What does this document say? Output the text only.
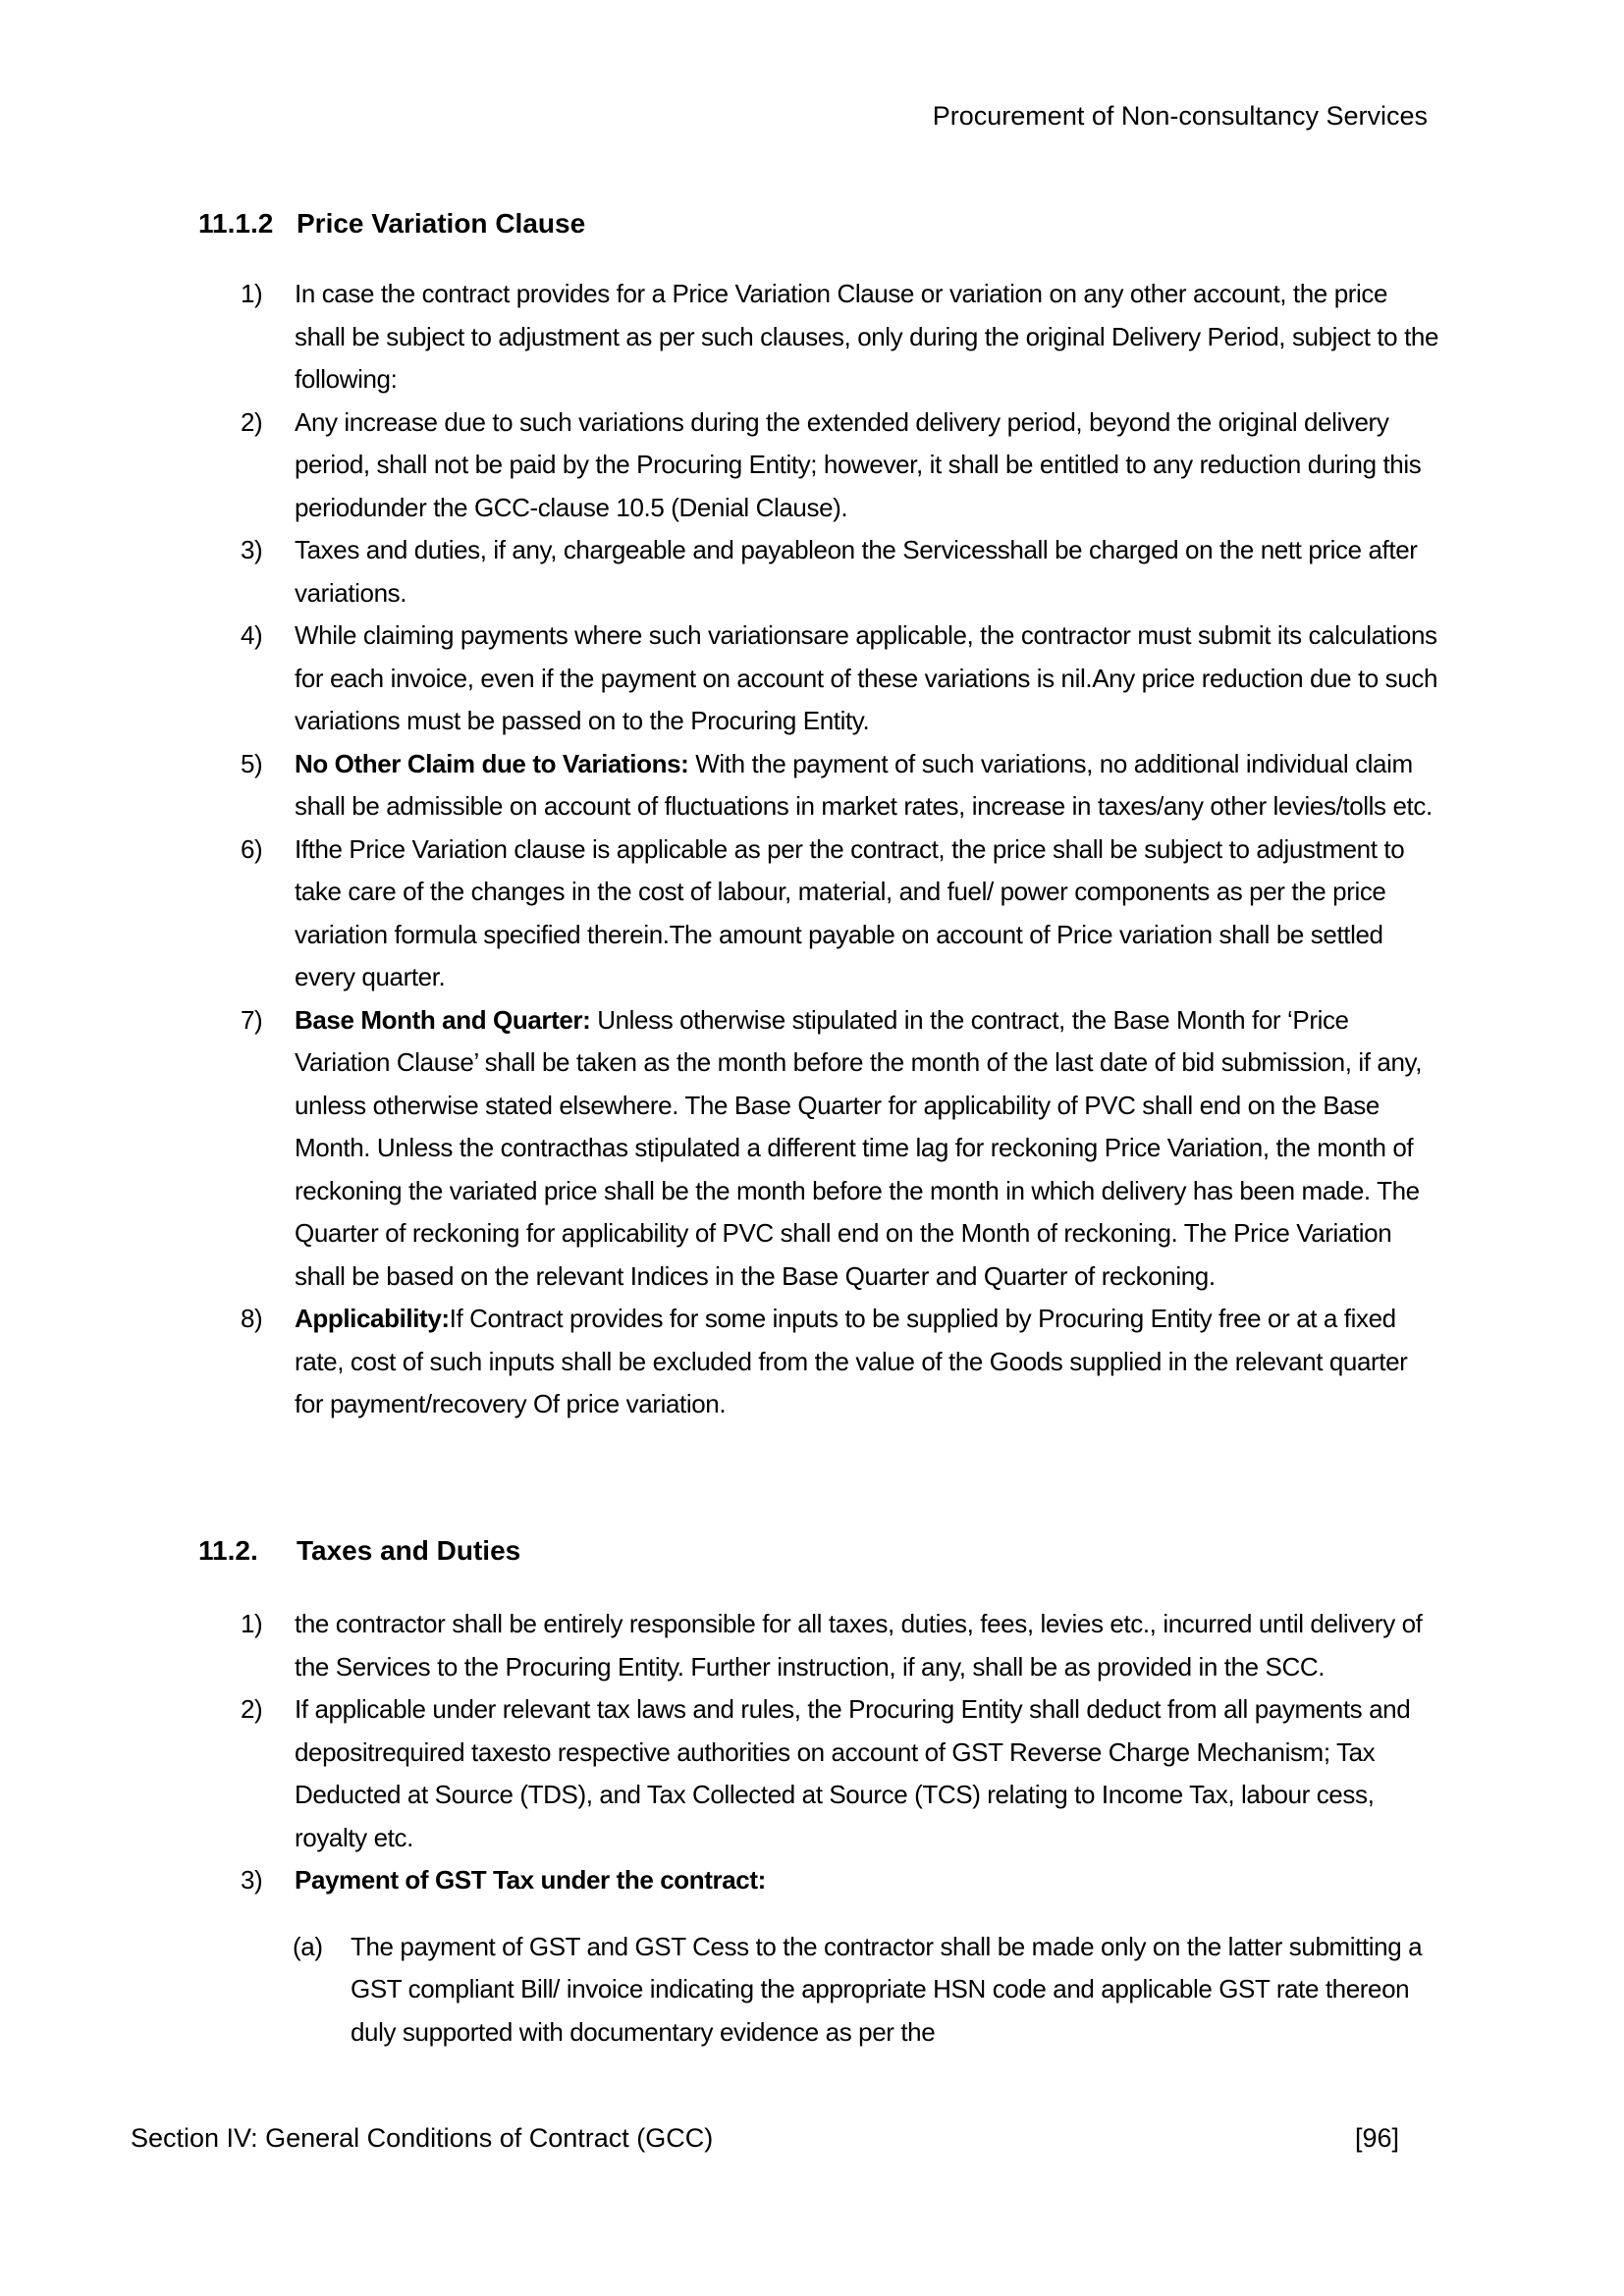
Procurement of Non-consultancy Services
11.1.2 Price Variation Clause
1)	In case the contract provides for a Price Variation Clause or variation on any other account, the price shall be subject to adjustment as per such clauses, only during the original Delivery Period, subject to the following:

2)	Any increase due to such variations during the extended delivery period, beyond the original delivery period, shall not be paid by the Procuring Entity; however, it shall be entitled to any reduction during this periodunder the GCC-clause 10.5 (Denial Clause).

3)	Taxes and duties, if any, chargeable and payableon the Servicesshall be charged on the nett price after variations.

4)	While claiming payments where such variationsare applicable, the contractor must submit its calculations for each invoice, even if the payment on account of these variations is nil.Any price reduction due to such variations must be passed on to the Procuring Entity.

5)	No Other Claim due to Variations: With the payment of such variations, no additional individual claim shall be admissible on account of fluctuations in market rates, increase in taxes/any other levies/tolls etc.

6)	Ifthe Price Variation clause is applicable as per the contract, the price shall be subject to adjustment to take care of the changes in the cost of labour, material, and fuel/ power components as per the price variation formula specified therein.The amount payable on account of Price variation shall be settled every quarter.

7)	Base Month and Quarter: Unless otherwise stipulated in the contract, the Base Month for ‘Price Variation Clause’ shall be taken as the month before the month of the last date of bid submission, if any, unless otherwise stated elsewhere. The Base Quarter for applicability of PVC shall end on the Base Month. Unless the contracthas stipulated a different time lag for reckoning Price Variation, the month of reckoning the variated price shall be the month before the month in which delivery has been made. The Quarter of reckoning for applicability of PVC shall end on the Month of reckoning. The Price Variation shall be based on the relevant Indices in the Base Quarter and Quarter of reckoning.

8)	Applicability:If Contract provides for some inputs to be supplied by Procuring Entity free or at a fixed rate, cost of such inputs shall be excluded from the value of the Goods supplied in the relevant quarter for payment/recovery Of price variation.

11.2.	Taxes and Duties
1)	the contractor shall be entirely responsible for all taxes, duties, fees, levies etc., incurred until delivery of the Services to the Procuring Entity. Further instruction, if any, shall be as provided in the SCC.

2)	If applicable under relevant tax laws and rules, the Procuring Entity shall deduct from all payments and depositrequired taxesto respective authorities on account of GST Reverse Charge Mechanism; Tax Deducted at Source (TDS), and Tax Collected at Source (TCS) relating to Income Tax, labour cess, royalty etc.

3)	Payment of GST Tax under the contract:

(a)	The payment of GST and GST Cess to the contractor shall be made only on the latter submitting a GST compliant Bill/ invoice indicating the appropriate HSN code and applicable GST rate thereon duly supported with documentary evidence as per the

Section IV: General Conditions of Contract (GCC)	[96]
